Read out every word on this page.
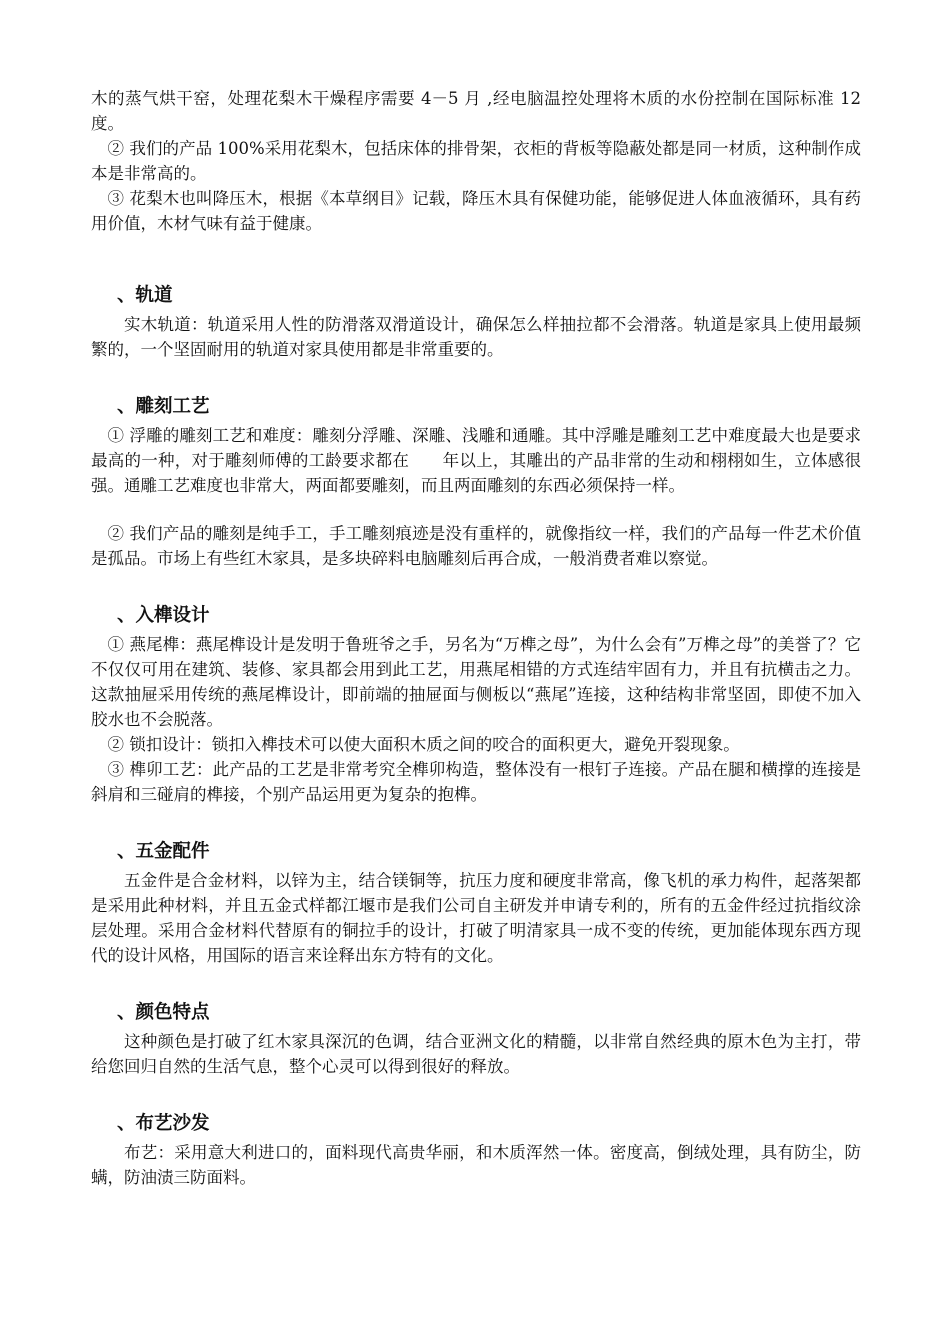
木的蒸气烘干窑，处理花梨木干燥程序需要 4－5 月 ,经电脑温控处理将木质的水份控制在国际标准 12 度。

② 我们的产品 100%采用花梨木，包括床体的排骨架，衣柜的背板等隐蔽处都是同一材质，这种制作成本是非常高的。

③ 花梨木也叫降压木，根据《本草纲目》记载，降压木具有保健功能，能够促进人体血液循环，具有药用价值，木材气味有益于健康。

、轨道

实木轨道：轨道采用人性的防滑落双滑道设计，确保怎么样抽拉都不会滑落。轨道是家具上使用最频繁的，一个坚固耐用的轨道对家具使用都是非常重要的。

、雕刻工艺

① 浮雕的雕刻工艺和难度：雕刻分浮雕、深雕、浅雕和通雕。其中浮雕是雕刻工艺中难度最大也是要求最高的一种，对于雕刻师傅的工龄要求都在　　年以上，其雕出的产品非常的生动和栩栩如生，立体感很强。通雕工艺难度也非常大，两面都要雕刻，而且两面雕刻的东西必须保持一样。

② 我们产品的雕刻是纯手工，手工雕刻痕迹是没有重样的，就像指纹一样，我们的产品每一件艺术价值是孤品。市场上有些红木家具，是多块碎料电脑雕刻后再合成，一般消费者难以察觉。

、入榫设计

① 燕尾榫：燕尾榫设计是发明于鲁班爷之手，另名为“万榫之母”，为什么会有”万榫之母”的美誉了？它不仅仅可用在建筑、装修、家具都会用到此工艺，用燕尾相错的方式连结牢固有力，并且有抗横击之力。这款抽屉采用传统的燕尾榫设计，即前端的抽屉面与侧板以“燕尾”连接，这种结构非常坚固，即使不加入胶水也不会脱落。

② 锁扣设计：锁扣入榫技术可以使大面积木质之间的咬合的面积更大，避免开裂现象。

③ 榫卯工艺：此产品的工艺是非常考究全榫卯构造，整体没有一根钉子连接。产品在腿和横撑的连接是斜肩和三碰肩的榫接，个别产品运用更为复杂的抱榫。

、五金配件

五金件是合金材料，以锌为主，结合镁铜等，抗压力度和硬度非常高，像飞机的承力构件，起落架都是采用此种材料，并且五金式样都江堰市是我们公司自主研发并申请专利的，所有的五金件经过抗指纹涂层处理。采用合金材料代替原有的铜拉手的设计，打破了明清家具一成不变的传统，更加能体现东西方现代的设计风格，用国际的语言来诠释出东方特有的文化。

、颜色特点

这种颜色是打破了红木家具深沉的色调，结合亚洲文化的精髓，以非常自然经典的原木色为主打，带给您回归自然的生活气息，整个心灵可以得到很好的释放。

、布艺沙发

布艺：采用意大利进口的，面料现代高贵华丽，和木质浑然一体。密度高，倒绒处理，具有防尘，防螨，防油渍三防面料。
